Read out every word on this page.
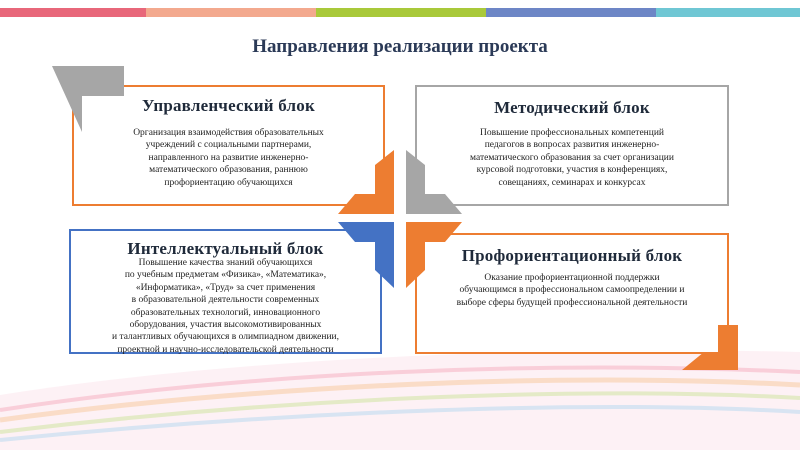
Направления реализации проекта
Управленческий блок

Организация взаимодействия образовательных
учреждений с социальными партнерами,
направленного на развитие инженерно-
математического образования, раннюю
профориентацию обучающихся

Методический блок

Повышение профессиональных компетенций
педагогов в вопросах развития инженерно-
математического образования за счет организации
курсовой подготовки, участия в конференциях,
совещаниях, семинарах и конкурсах

Интеллектуальный блок

Повышение качества знаний обучающихся
по учебным предметам «Физика», «Математика»,
«Информатика», «Труд» за счет применения
в образовательной деятельности современных
образовательных технологий, инновационного
оборудования, участия высокомотивированных
и талантливых обучающихся в олимпиадном движении,
проектной и научно-исследовательской деятельности

Профориентационный блок

Оказание профориентационной поддержки
обучающимся в профессиональном самоопределении и
выборе сферы будущей профессиональной деятельности
